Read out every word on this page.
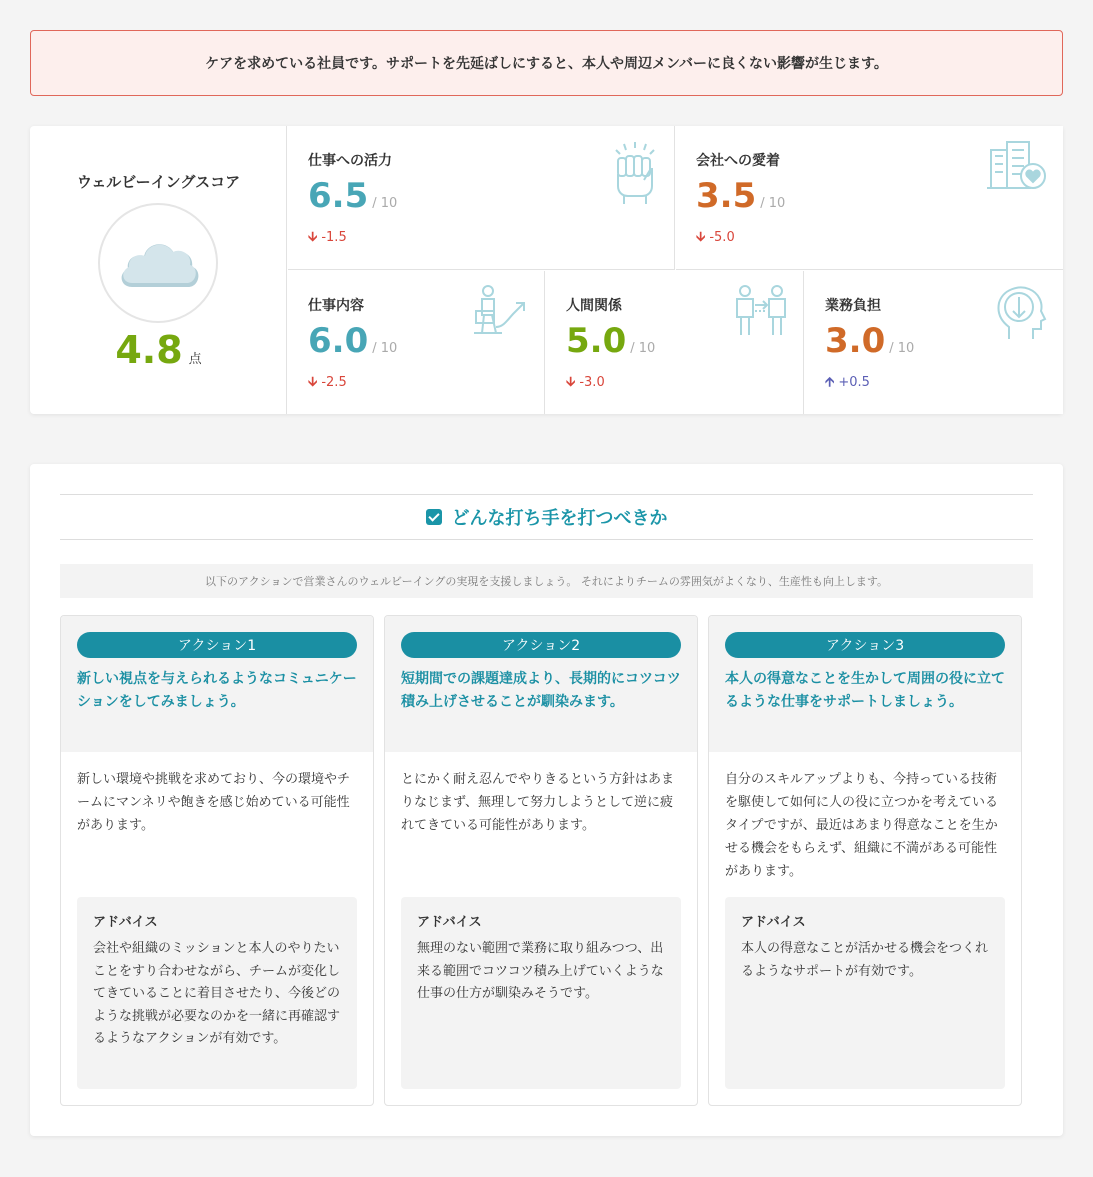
ケアを求めている社員です。サポートを先延ばしにすると、本人や周辺メンバーに良くない影響が生じます。
ウェルビーイングスコア
4.8 点
仕事への活力
6.5 / 10
🡫 -1.5
会社への愛着
3.5 / 10
🡫 -5.0
仕事内容
6.0 / 10
🡫 -2.5
人間関係
5.0 / 10
🡫 -3.0
業務負担
3.0 / 10
🡩 +0.5
どんな打ち手を打つべきか
以下のアクションで営業さんのウェルビーイングの実現を支援しましょう。 それによりチームの雰囲気がよくなり、生産性も向上します。
アクション1
新しい視点を与えられるようなコミュニケーションをしてみましょう。
新しい環境や挑戦を求めており、今の環境やチームにマンネリや飽きを感じ始めている可能性があります。
アドバイス
会社や組織のミッションと本人のやりたいことをすり合わせながら、チームが変化してきていることに着目させたり、今後どのような挑戦が必要なのかを一緒に再確認するようなアクションが有効です。
アクション2
短期間での課題達成より、長期的にコツコツ積み上げさせることが馴染みます。
とにかく耐え忍んでやりきるという方針はあまりなじまず、無理して努力しようとして逆に疲れてきている可能性があります。
アドバイス
無理のない範囲で業務に取り組みつつ、出来る範囲でコツコツ積み上げていくような仕事の仕方が馴染みそうです。
アクション3
本人の得意なことを生かして周囲の役に立てるような仕事をサポートしましょう。
自分のスキルアップよりも、今持っている技術を駆使して如何に人の役に立つかを考えているタイプですが、最近はあまり得意なことを生かせる機会をもらえず、組織に不満がある可能性があります。
アドバイス
本人の得意なことが活かせる機会をつくれるようなサポートが有効です。
